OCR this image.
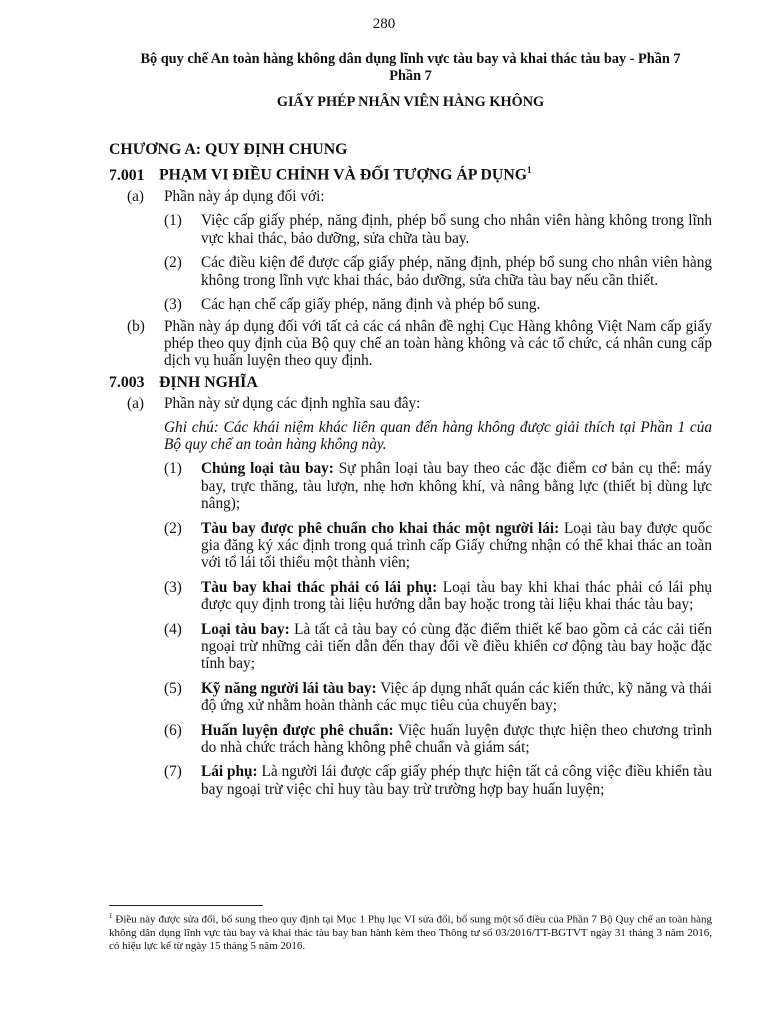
280
Bộ quy chế An toàn hàng không dân dụng lĩnh vực tàu bay và khai thác tàu bay - Phần 7
Phần 7
GIẤY PHÉP NHÂN VIÊN HÀNG KHÔNG

CHƯƠNG A: QUY ĐỊNH CHUNG

7.001 PHẠM VI ĐIỀU CHỈNH VÀ ĐỐI TƯỢNG ÁP DỤNG$^1$

(a) Phần này áp dụng đối với:
(1) Việc cấp giấy phép, năng định, phép bổ sung cho nhân viên hàng không trong lĩnh vực khai thác, bảo dưỡng, sửa chữa tàu bay.
(2) Các điều kiện để được cấp giấy phép, năng định, phép bổ sung cho nhân viên hàng không trong lĩnh vực khai thác, bảo dưỡng, sửa chữa tàu bay nếu cần thiết.
(3) Các hạn chế cấp giấy phép, năng định và phép bổ sung.
(b) Phần này áp dụng đối với tất cả các cá nhân đề nghị Cục Hàng không Việt Nam cấp giấy phép theo quy định của Bộ quy chế an toàn hàng không và các tổ chức, cá nhân cung cấp dịch vụ huấn luyện theo quy định.

7.003 ĐỊNH NGHĨA

(a) Phần này sử dụng các định nghĩa sau đây:

Ghi chú: Các khái niệm khác liên quan đến hàng không được giải thích tại Phần 1 của Bộ quy chế an toàn hàng không này.

(1) Chủng loại tàu bay: Sự phân loại tàu bay theo các đặc điểm cơ bản cụ thể: máy bay, trực thăng, tàu lượn, nhẹ hơn không khí, và nâng bằng lực (thiết bị dùng lực nâng);
(2) Tàu bay được phê chuẩn cho khai thác một người lái: Loại tàu bay được quốc gia đăng ký xác định trong quá trình cấp Giấy chứng nhận có thể khai thác an toàn với tổ lái tối thiểu một thành viên;
(3) Tàu bay khai thác phải có lái phụ: Loại tàu bay khi khai thác phải có lái phụ được quy định trong tài liệu hướng dẫn bay hoặc trong tài liệu khai thác tàu bay;
(4) Loại tàu bay: Là tất cả tàu bay có cùng đặc điểm thiết kế bao gồm cả các cải tiến ngoại trừ những cải tiến dẫn đến thay đổi về điều khiển cơ động tàu bay hoặc đặc tính bay;
(5) Kỹ năng người lái tàu bay: Việc áp dụng nhất quán các kiến thức, kỹ năng và thái độ ứng xử nhằm hoàn thành các mục tiêu của chuyến bay;
(6) Huấn luyện được phê chuẩn: Việc huấn luyện được thực hiện theo chương trình do nhà chức trách hàng không phê chuẩn và giám sát;
(7) Lái phụ: Là người lái được cấp giấy phép thực hiện tất cả công việc điều khiển tàu bay ngoại trừ việc chỉ huy tàu bay trừ trường hợp bay huấn luyện;
$^1$ Điều này được sửa đổi, bổ sung theo quy định tại Mục 1 Phụ lục VI sửa đổi, bổ sung một số điều của Phần 7 Bộ Quy chế an toàn hàng không dân dụng lĩnh vực tàu bay và khai thác tàu bay ban hành kèm theo Thông tư số 03/2016/TT-BGTVT ngày 31 tháng 3 năm 2016, có hiệu lực kể từ ngày 15 tháng 5 năm 2016.
